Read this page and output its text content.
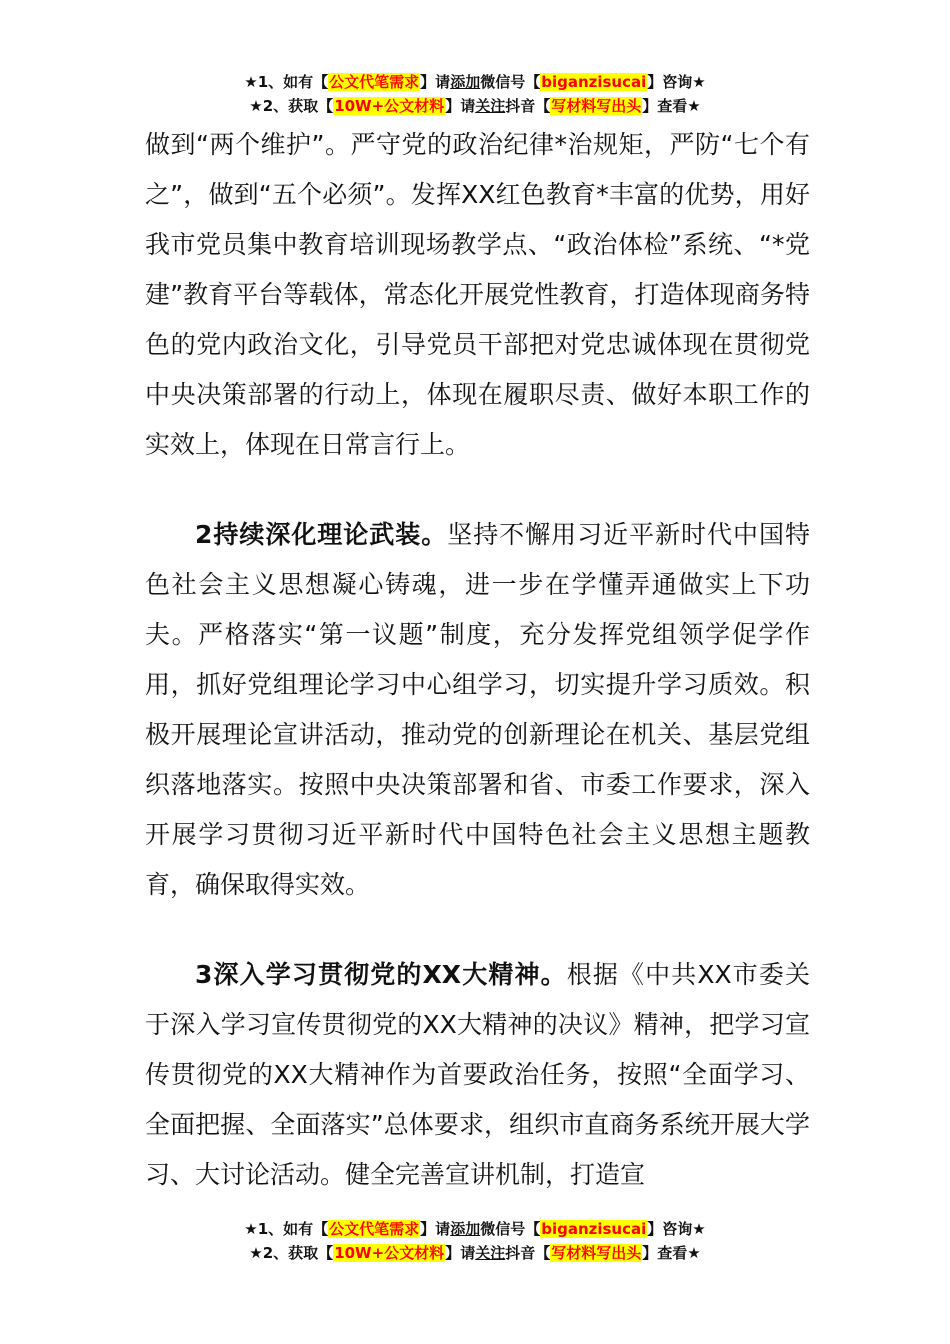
★1、如有【公文代笔需求】请添加微信号【biganzisucai】咨询★
★2、获取【10W+公文材料】请关注抖音【写材料写出头】查看★

做到“两个维护”。严守党的政治纪律*治规矩，严防“七个有之”，做到“五个必须”。发挥XX红色教育*丰富的优势，用好我市党员集中教育培训现场教学点、“政治体检”系统、“*党建”教育平台等载体，常态化开展党性教育，打造体现商务特色的党内政治文化，引导党员干部把对党忠诚体现在贯彻党中央决策部署的行动上，体现在履职尽责、做好本职工作的实效上，体现在日常言行上。

2持续深化理论武装。坚持不懈用习近平新时代中国特色社会主义思想凝心铸魂，进一步在学懂弄通做实上下功夫。严格落实“第一议题”制度，充分发挥党组领学促学作用，抓好党组理论学习中心组学习，切实提升学习质效。积极开展理论宣讲活动，推动党的创新理论在机关、基层党组织落地落实。按照中央决策部署和省、市委工作要求，深入开展学习贯彻习近平新时代中国特色社会主义思想主题教育，确保取得实效。

3深入学习贯彻党的XX大精神。根据《中共XX市委关于深入学习宣传贯彻党的XX大精神的决议》精神，把学习宣传贯彻党的XX大精神作为首要政治任务，按照“全面学习、全面把握、全面落实”总体要求，组织市直商务系统开展大学习、大讨论活动。健全完善宣讲机制，打造宣

★1、如有【公文代笔需求】请添加微信号【biganzisucai】咨询★
★2、获取【10W+公文材料】请关注抖音【写材料写出头】查看★
